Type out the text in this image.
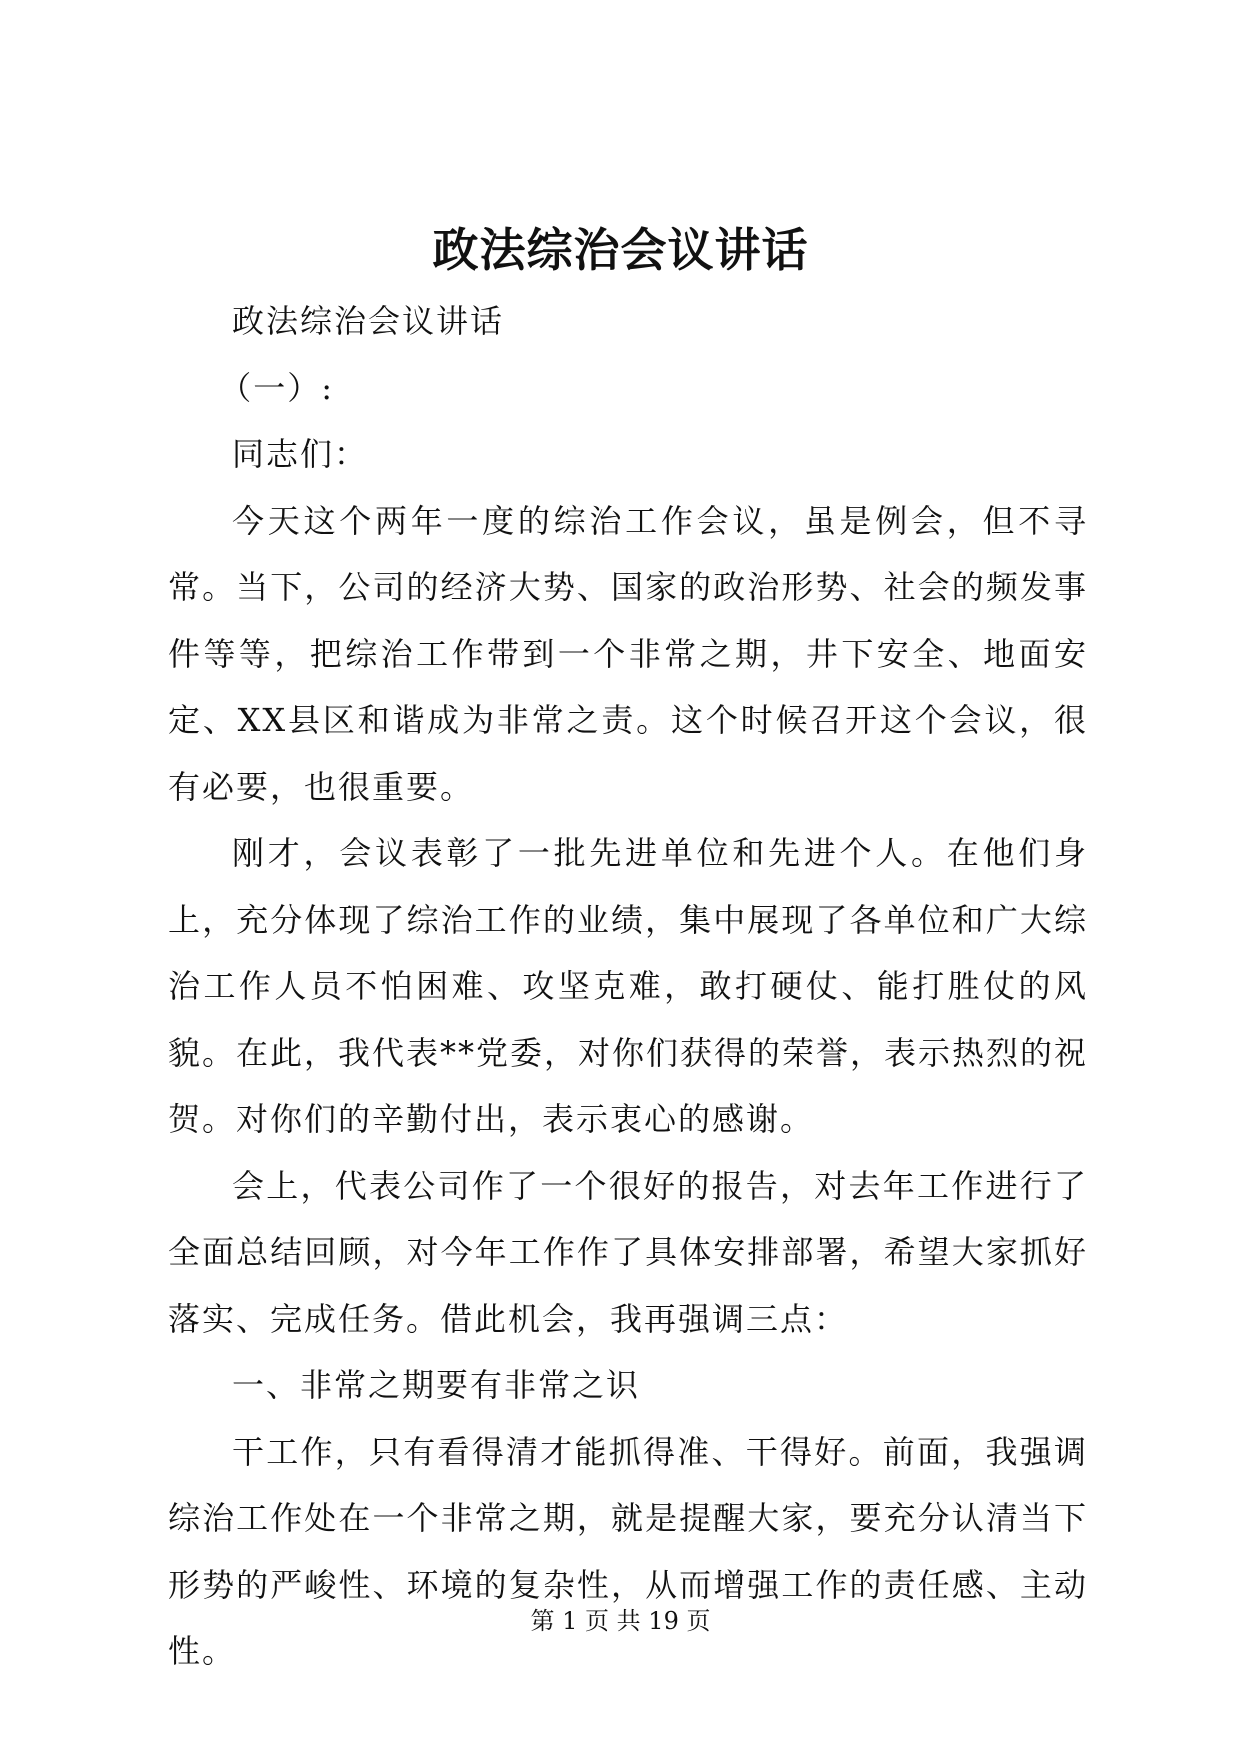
政法综治会议讲话

政法综治会议讲话

（一）:

同志们：

今天这个两年一度的综治工作会议，虽是例会，但不寻常。当下，公司的经济大势、国家的政治形势、社会的频发事件等等，把综治工作带到一个非常之期，井下安全、地面安定、XX县区和谐成为非常之责。这个时候召开这个会议，很有必要，也很重要。

刚才，会议表彰了一批先进单位和先进个人。在他们身上，充分体现了综治工作的业绩，集中展现了各单位和广大综治工作人员不怕困难、攻坚克难，敢打硬仗、能打胜仗的风貌。在此，我代表**党委，对你们获得的荣誉，表示热烈的祝贺。对你们的辛勤付出，表示衷心的感谢。

会上，代表公司作了一个很好的报告，对去年工作进行了全面总结回顾，对今年工作作了具体安排部署，希望大家抓好落实、完成任务。借此机会，我再强调三点：

一、非常之期要有非常之识

干工作，只有看得清才能抓得准、干得好。前面，我强调综治工作处在一个非常之期，就是提醒大家，要充分认清当下形势的严峻性、环境的复杂性，从而增强工作的责任感、主动性。

第 1 页 共 19 页
